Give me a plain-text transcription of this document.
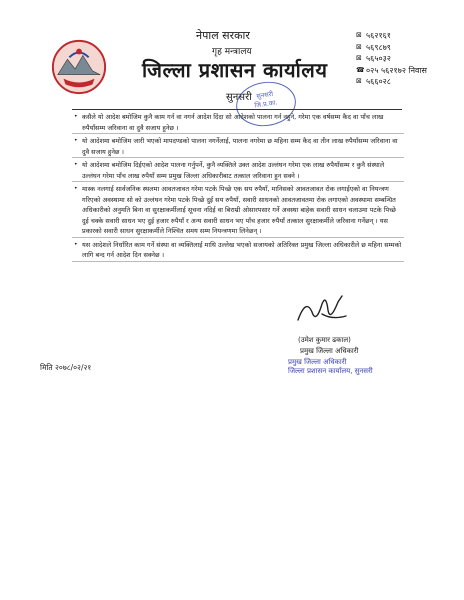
नेपाल सरकार
गृह मन्त्रालय
जिल्ला प्रशासन कार्यालय
सुनसरी सुनसरी
जि.प्र.का.
⊠ ५६२१६१
⊠ ५६९८७९
⊠ ५६५०३२
☎ ०२५ ५६२१७२ निवास
⊠ ५६६०२८
• कसैले यो आदेश बमोजिम कुनै काम गर्न वा नगर्न आदेश दिंदा सो आदेशको पालना गर्न नहुने, गरेमा एक वर्षसम्म कैद वा पाँच लाख रुपैयाँसम्म जरिवाना वा दुवै सजाय हुनेछ ।
• यो आदेशमा बमोजिम जारी भएको मापदण्डको पालना नगर्नेलाई, पालना नगरेमा छ महिना सम्म कैद वा तीन लाख रुपैयाँसम्म जरिवाना वा दुवै सजाय हुनेछ ।
• यो आदेशमा बमोजिम दिईएको आदेश पालना गर्नुपर्ने, कुनै व्यक्तिले उक्त आदेश उल्लंघन गरेमा एक लाख रुपैयाँसम्म र कुनै संस्थाले उल्लंघन गरेमा पाँच लाख रुपैयाँ सम्म प्रमुख जिल्ला अधिकारीबाट तत्काल जरिवाना हुन सक्ने ।
• मास्क नलगाई सार्वजनिक स्थलमा आवतजावत गरेमा पटके पिच्छे एक सय रुपैयाँ, मानिसको आवतजावत रोक लगाईएको वा नियन्त्रण गरिएको अवस्थामा सो को उल्लंघन गरेमा पटके पिच्छे दुई सय रुपैयाँ, सवारी साधनको आवतजावतमा रोक लगाएको अवस्थामा सम्बन्धित अधिकारीको अनुमति बिना वा सुरक्षाकर्मीलाई सूचना नदिई वा बिराम्री ओसारपसार गर्ने अवस्था बाहेक सवारी साधन चलाउमा पटके पिच्छे दुई चक्के सवारी साधन भए दुई हजार रुपैयाँ र अन्य सवारी साधन भए पाँच हजार रुपैयाँ तत्काल सुरक्षाकर्मीले जरिवाना गर्नेछन् । यस प्रकारको सवारी साधन सुरक्षाकर्मीले निश्चित समय सम्म नियन्त्रणमा लिनेछन् ।
• यस आदेशले निर्धारित काम गर्ने संस्था वा व्यक्तिलाई माथि उल्लेख भएको सजायको अतिरिक्त प्रमुख जिल्ला अधिकारीले छ महिना सम्मको लागि बन्द गर्न आदेश दिन सक्नेछ ।
(उमेश कुमार ढकाल)
प्रमुख जिल्ला अधिकारी
प्रमुख जिल्ला अधिकारी
जिल्ला प्रशासन कार्यालय, सुनसरी
मिति २०७८/०२/२१
